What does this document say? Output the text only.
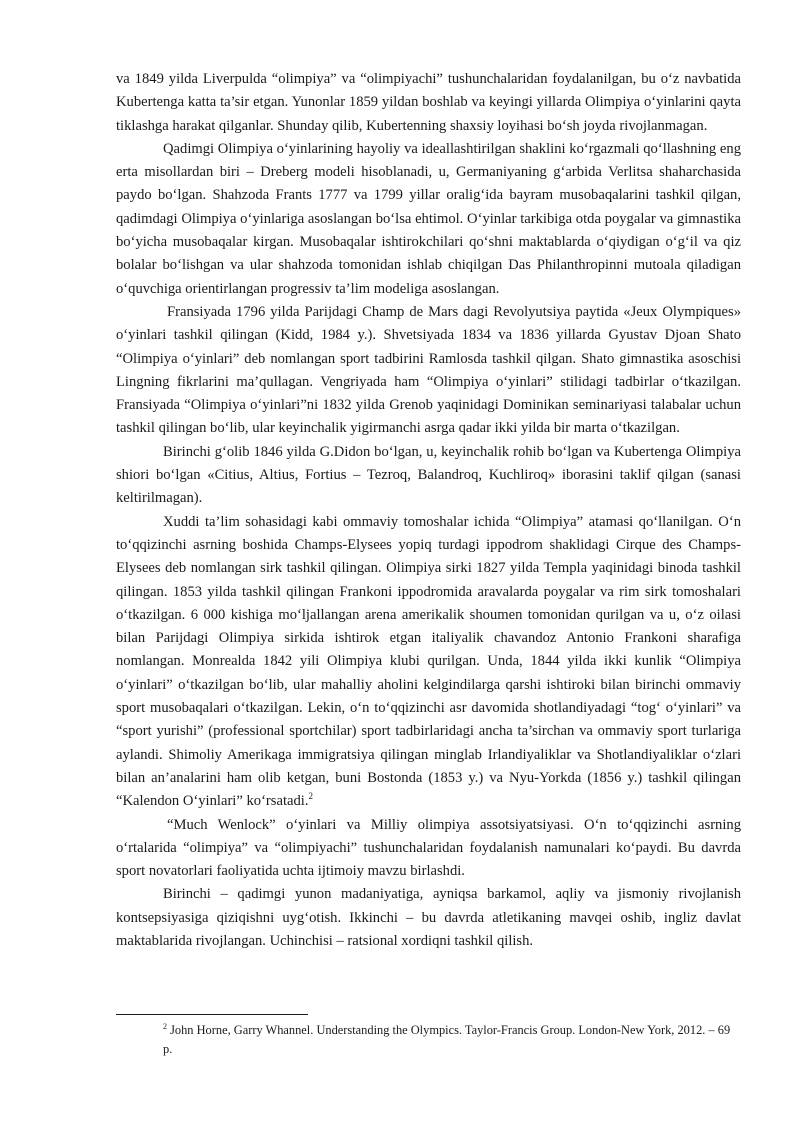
va 1849 yilda Liverpulda “olimpiya” va “olimpiyachi” tushunchalaridan foydalanilgan, bu o‘z navbatida Kubertenga katta ta’sir etgan. Yunonlar 1859 yildan boshlab va keyingi yillarda Olimpiya o‘yinlarini qayta tiklashga harakat qilganlar. Shunday qilib, Kubertenning shaxsiy loyihasi bo‘sh joyda rivojlanmagan.

Qadimgi Olimpiya o‘yinlarining hayoliy va ideallashtirilgan shaklini ko‘rgazmali qo‘llashning eng erta misollardan biri – Dreberg modeli hisoblanadi, u, Germaniyaning g‘arbida Verlitsa shaharchasida paydo bo‘lgan. Shahzoda Frants 1777 va 1799 yillar oralig‘ida bayram musobaqalarini tashkil qilgan, qadimdagi Olimpiya o‘yinlariga asoslangan bo‘lsa ehtimol. O‘yinlar tarkibiga otda poygalar va gimnastika bo‘yicha musobaqalar kirgan. Musobaqalar ishtirokchilari qo‘shni maktablarda o‘qiydigan o‘g‘il va qiz bolalar bo‘lishgan va ular shahzoda tomonidan ishlab chiqilgan Das Philanthropinni mutoala qiladigan o‘quvchiga orientirlangan progressiv ta’lim modeliga asoslangan.

Fransiyada 1796 yilda Parijdagi Champ de Mars dagi Revolyutsiya paytida «Jeux Olympiques» o‘yinlari tashkil qilingan (Kidd, 1984 y.). Shvetsiyada 1834 va 1836 yillarda Gyustav Djoan Shato “Olimpiya o‘yinlari” deb nomlangan sport tadbirini Ramlosda tashkil qilgan. Shato gimnastika asoschisi Lingning fikrlarini ma’qullagan. Vengriyada ham “Olimpiya o‘yinlari” stilidagi tadbirlar o‘tkazilgan. Fransiyada “Olimpiya o‘yinlari”ni 1832 yilda Grenob yaqinidagi Dominikan seminariyasi talabalar uchun tashkil qilingan bo‘lib, ular keyinchalik yigirmanchi asrga qadar ikki yilda bir marta o‘tkazilgan.

Birinchi g‘olib 1846 yilda G.Didon bo‘lgan, u, keyinchalik rohib bo‘lgan va Kubertenga Olimpiya shiori bo‘lgan «Citius, Altius, Fortius – Tezroq, Balandroq, Kuchliroq» iborasini taklif qilgan (sanasi keltirilmagan).

Xuddi ta’lim sohasidagi kabi ommaviy tomoshalar ichida “Olimpiya” atamasi qo‘llanilgan. O‘n to‘qqizinchi asrning boshida Champs-Elysees yopiq turdagi ippodrom shaklidagi Cirque des Champs-Elysees deb nomlangan sirk tashkil qilingan. Olimpiya sirki 1827 yilda Templa yaqinidagi binoda tashkil qilingan. 1853 yilda tashkil qilingan Frankoni ippodromida aravalarda poygalar va rim sirk tomoshalari o‘tkazilgan. 6 000 kishiga mo‘ljallangan arena amerikalik shoumen tomonidan qurilgan va u, o‘z oilasi bilan Parijdagi Olimpiya sirkida ishtirok etgan italiyalik chavandoz Antonio Frankoni sharafiga nomlangan. Monrealda 1842 yili Olimpiya klubi qurilgan. Unda, 1844 yilda ikki kunlik “Olimpiya o‘yinlari” o‘tkazilgan bo‘lib, ular mahalliy aholini kelgindilarga qarshi ishtiroki bilan birinchi ommaviy sport musobaqalari o‘tkazilgan. Lekin, o‘n to‘qqizinchi asr davomida shotlandiyadagi “tog‘ o‘yinlari” va “sport yurishi” (professional sportchilar) sport tadbirlaridagi ancha ta’sirchan va ommaviy sport turlariga aylandi. Shimoliy Amerikaga immigratsiya qilingan minglab Irlandiyaliklar va Shotlandiyaliklar o‘zlari bilan an’analarini ham olib ketgan, buni Bostonda (1853 y.) va Nyu-Yorkda (1856 y.) tashkil qilingan “Kalendon O‘yinlari” ko‘rsatadi.$^2$

“Much Wenlock” o‘yinlari va Milliy olimpiya assotsiyatsiyasi. O‘n to‘qqizinchi asrning o‘rtalarida “olimpiya” va “olimpiyachi” tushunchalaridan foydalanish namunalari ko‘paydi. Bu davrda sport novatorlari faoliyatida uchta ijtimoiy mavzu birlashdi.

Birinchi – qadimgi yunon madaniyatiga, ayniqsa barkamol, aqliy va jismoniy rivojlanish kontsepsiyasiga qiziqishni uyg‘otish. Ikkinchi – bu davrda atletikaning mavqei oshib, ingliz davlat maktablarida rivojlangan. Uchinchisi – ratsional xordiqni tashkil qilish.

$^2$ John Horne, Garry Whannel. Understanding the Olympics. Taylor-Francis Group. London-New York, 2012. – 69 p.
